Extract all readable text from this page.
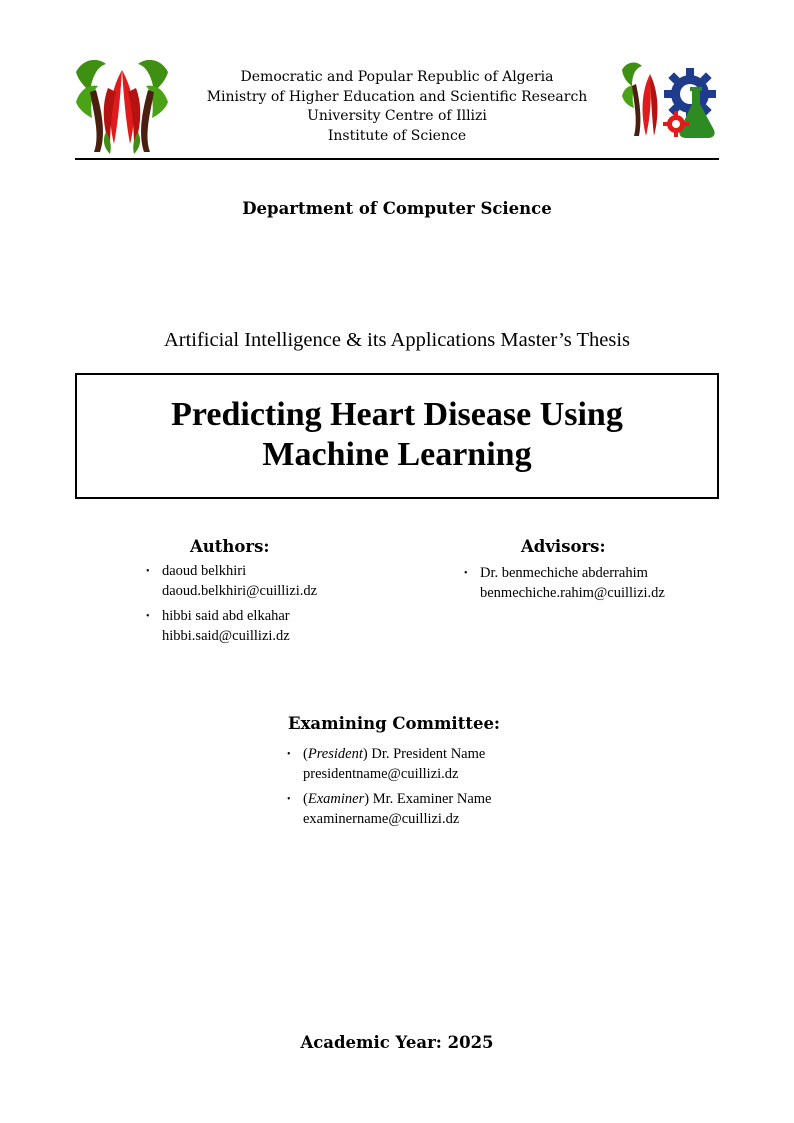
Democratic and Popular Republic of Algeria
Ministry of Higher Education and Scientific Research
University Centre of Illizi
Institute of Science
Department of Computer Science
Artificial Intelligence & its Applications Master’s Thesis
Predicting Heart Disease Using
Machine Learning
Authors:
• daoud belkhiri
daoud.belkhiri@cuillizi.dz
• hibbi said abd elkahar
hibbi.said@cuillizi.dz
Advisors:
• Dr. benmechiche abderrahim
benmechiche.rahim@cuillizi.dz
Examining Committee:
• (President) Dr. President Name
presidentname@cuillizi.dz
• (Examiner) Mr. Examiner Name
examinername@cuillizi.dz
Academic Year: 2025
